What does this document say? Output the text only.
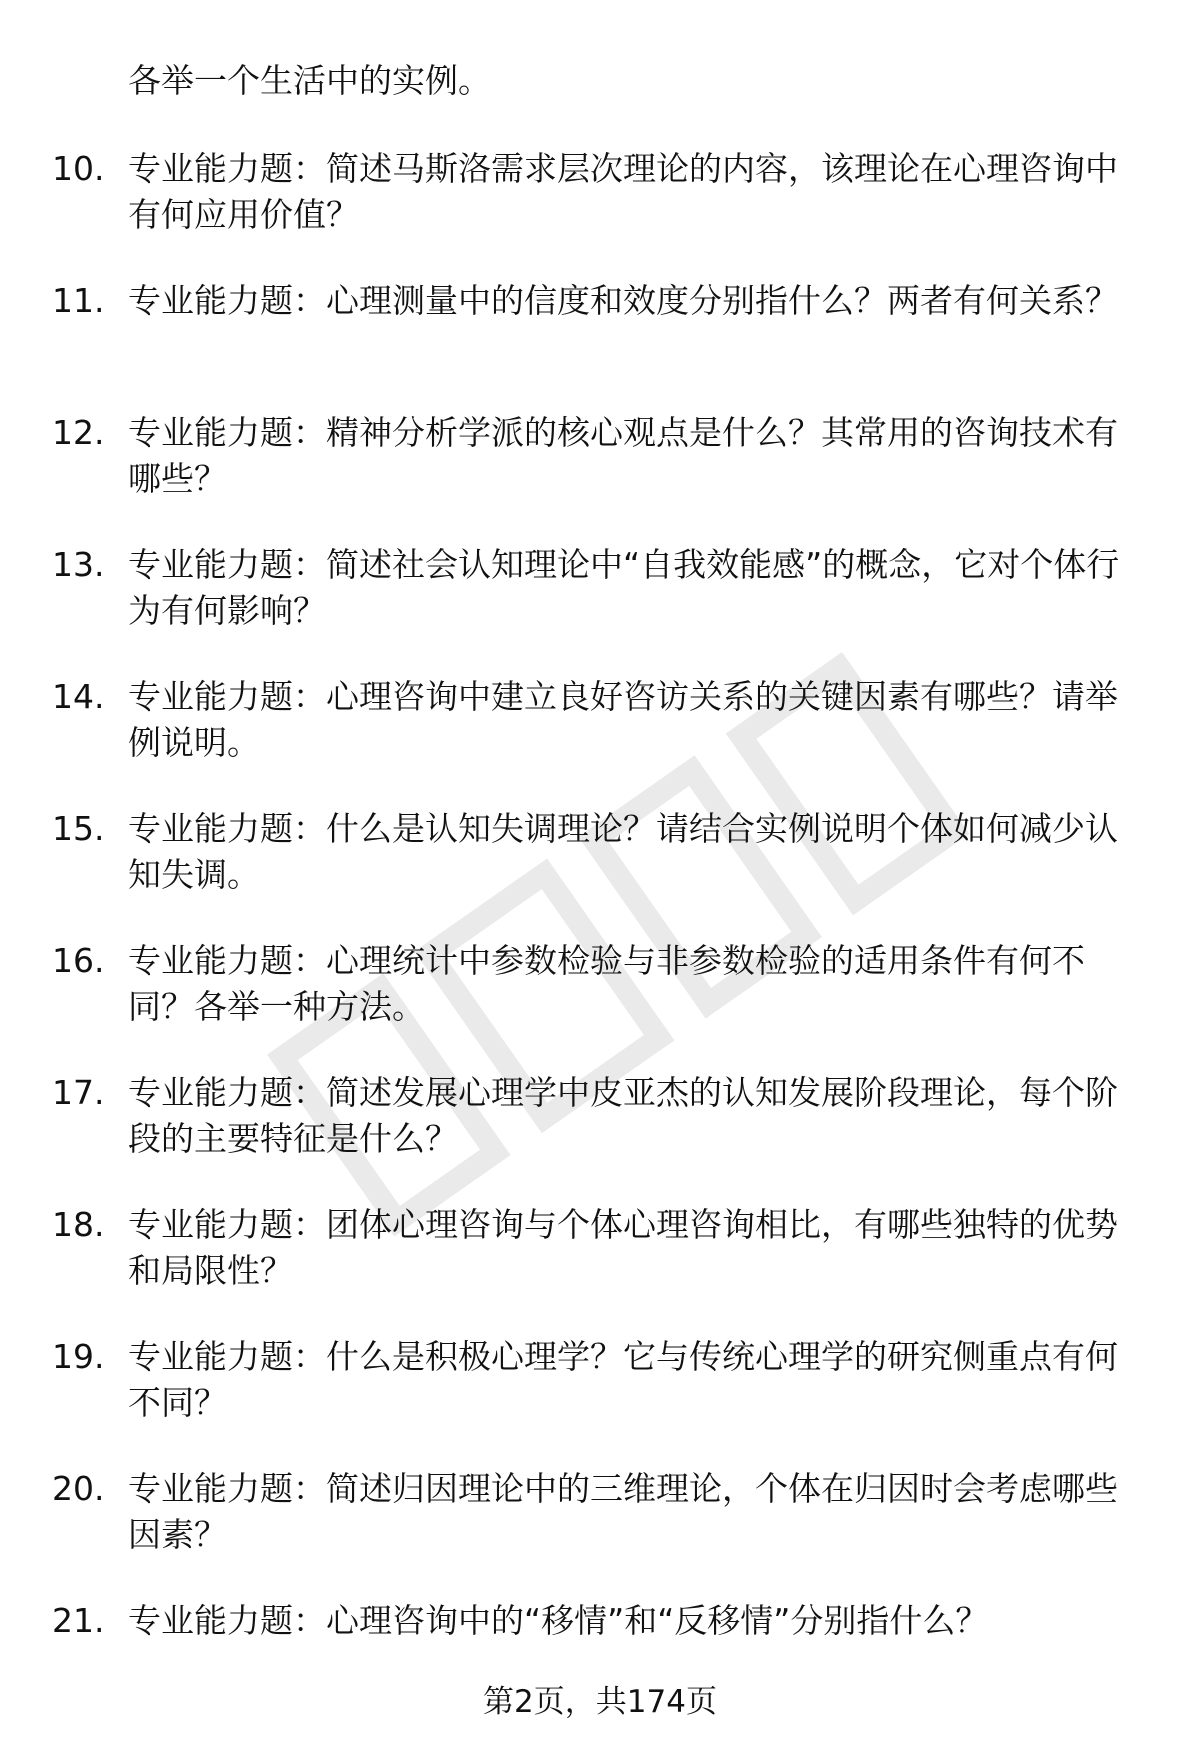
各举一个生活中的实例。
10. 专业能力题：简述马斯洛需求层次理论的内容，该理论在心理咨询中有何应用价值？
11. 专业能力题：心理测量中的信度和效度分别指什么？两者有何关系？
12. 专业能力题：精神分析学派的核心观点是什么？其常用的咨询技术有哪些？
13. 专业能力题：简述社会认知理论中“自我效能感”的概念，它对个体行为有何影响？
14. 专业能力题：心理咨询中建立良好咨访关系的关键因素有哪些？请举例说明。
15. 专业能力题：什么是认知失调理论？请结合实例说明个体如何减少认知失调。
16. 专业能力题：心理统计中参数检验与非参数检验的适用条件有何不同？各举一种方法。
17. 专业能力题：简述发展心理学中皮亚杰的认知发展阶段理论，每个阶段的主要特征是什么？
18. 专业能力题：团体心理咨询与个体心理咨询相比，有哪些独特的优势和局限性？
19. 专业能力题：什么是积极心理学？它与传统心理学的研究侧重点有何不同？
20. 专业能力题：简述归因理论中的三维理论，个体在归因时会考虑哪些因素？
21. 专业能力题：心理咨询中的“移情”和“反移情”分别指什么？
第2页，共174页
